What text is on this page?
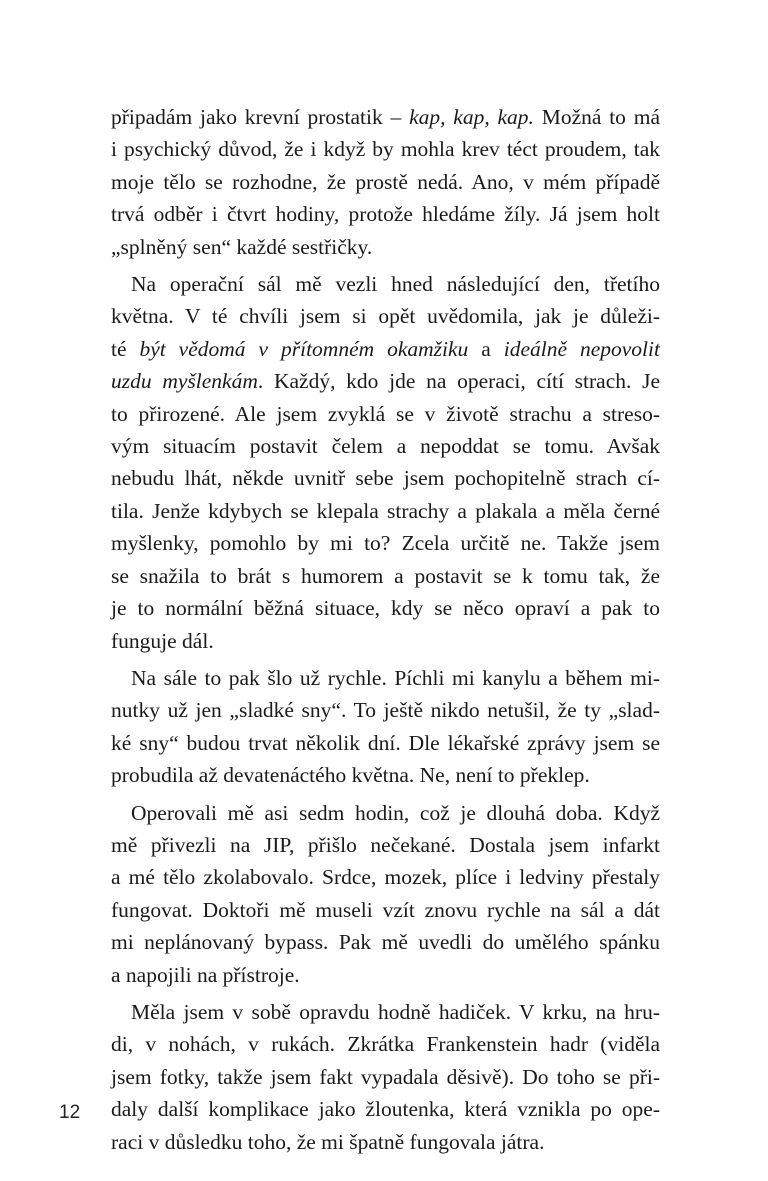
připadám jako krevní prostatik – kap, kap, kap. Možná to má
i psychický důvod, že i když by mohla krev téct proudem, tak
moje tělo se rozhodne, že prostě nedá. Ano, v mém případě
trvá odběr i čtvrt hodiny, protože hledáme žíly. Já jsem holt
„splněný sen“ každé sestřičky.
Na operační sál mě vezli hned následující den, třetího
května. V té chvíli jsem si opět uvědomila, jak je důleži-
té být vědomá v přítomném okamžiku a ideálně nepovolit
uzdu myšlenkám. Každý, kdo jde na operaci, cítí strach. Je
to přirozené. Ale jsem zvyklá se v životě strachu a streso-
vým situacím postavit čelem a nepoddat se tomu. Avšak
nebudu lhát, někde uvnitř sebe jsem pochopitelně strach cí-
tila. Jenže kdybych se klepala strachy a plakala a měla černé
myšlenky, pomohlo by mi to? Zcela určitě ne. Takže jsem
se snažila to brát s humorem a postavit se k tomu tak, že
je to normální běžná situace, kdy se něco opraví a pak to
funguje dál.
Na sále to pak šlo už rychle. Píchli mi kanylu a během mi-
nutky už jen „sladké sny“. To ještě nikdo netušil, že ty „slad-
ké sny“ budou trvat několik dní. Dle lékařské zprávy jsem se
probudila až devatenáctého května. Ne, není to překlep.
Operovali mě asi sedm hodin, což je dlouhá doba. Když
mě přivezli na JIP, přišlo nečekané. Dostala jsem infarkt
a mé tělo zkolabovalo. Srdce, mozek, plíce i ledviny přestaly
fungovat. Doktoři mě museli vzít znovu rychle na sál a dát
mi neplánovaný bypass. Pak mě uvedli do umělého spánku
a napojili na přístroje.
Měla jsem v sobě opravdu hodně hadiček. V krku, na hru-
di, v nohách, v rukách. Zkrátka Frankenstein hadr (viděla
jsem fotky, takže jsem fakt vypadala děsivě). Do toho se při-
daly další komplikace jako žloutenka, která vznikla po ope-
raci v důsledku toho, že mi špatně fungovala játra.
12
